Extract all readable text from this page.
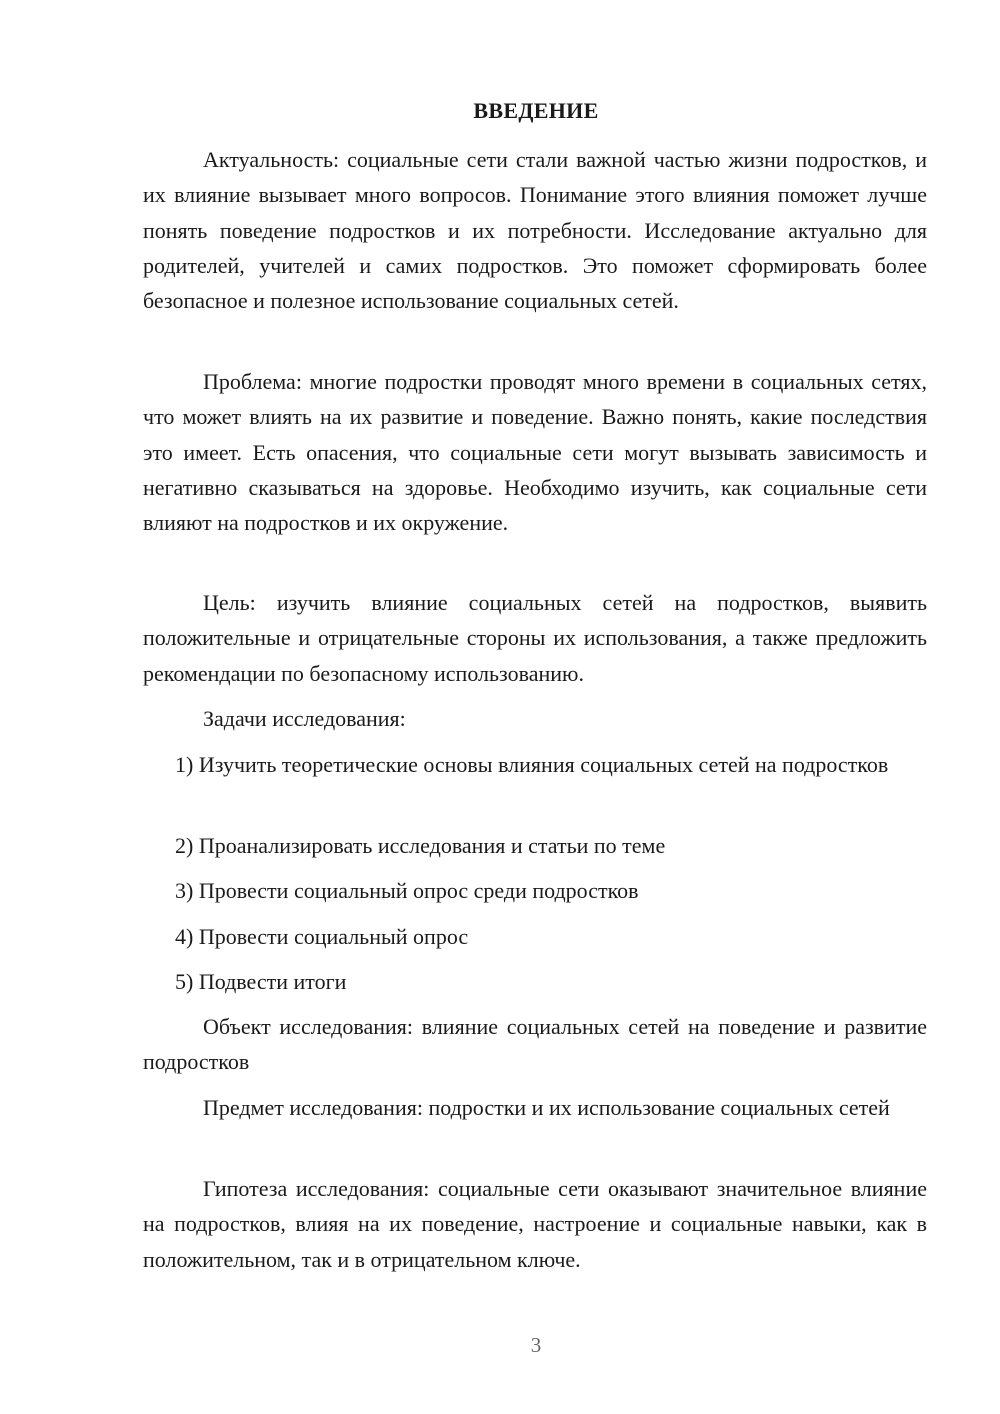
ВВЕДЕНИЕ

Актуальность: социальные сети стали важной частью жизни подростков, и их влияние вызывает много вопросов. Понимание этого влияния поможет лучше понять поведение подростков и их потребности. Исследование актуально для родителей, учителей и самих подростков. Это поможет сформировать более безопасное и полезное использование социальных сетей.

Проблема: многие подростки проводят много времени в социальных сетях, что может влиять на их развитие и поведение. Важно понять, какие последствия это имеет. Есть опасения, что социальные сети могут вызывать зависимость и негативно сказываться на здоровье. Необходимо изучить, как социальные сети влияют на подростков и их окружение.

Цель: изучить влияние социальных сетей на подростков, выявить положительные и отрицательные стороны их использования, а также предложить рекомендации по безопасному использованию.

Задачи исследования:

1) Изучить теоретические основы влияния социальных сетей на подростков

2) Проанализировать исследования и статьи по теме

3) Провести социальный опрос среди подростков

4) Провести социальный опрос

5) Подвести итоги

Объект исследования: влияние социальных сетей на поведение и развитие подростков

Предмет исследования: подростки и их использование социальных сетей

Гипотеза исследования: социальные сети оказывают значительное влияние на подростков, влияя на их поведение, настроение и социальные навыки, как в положительном, так и в отрицательном ключе.

3
